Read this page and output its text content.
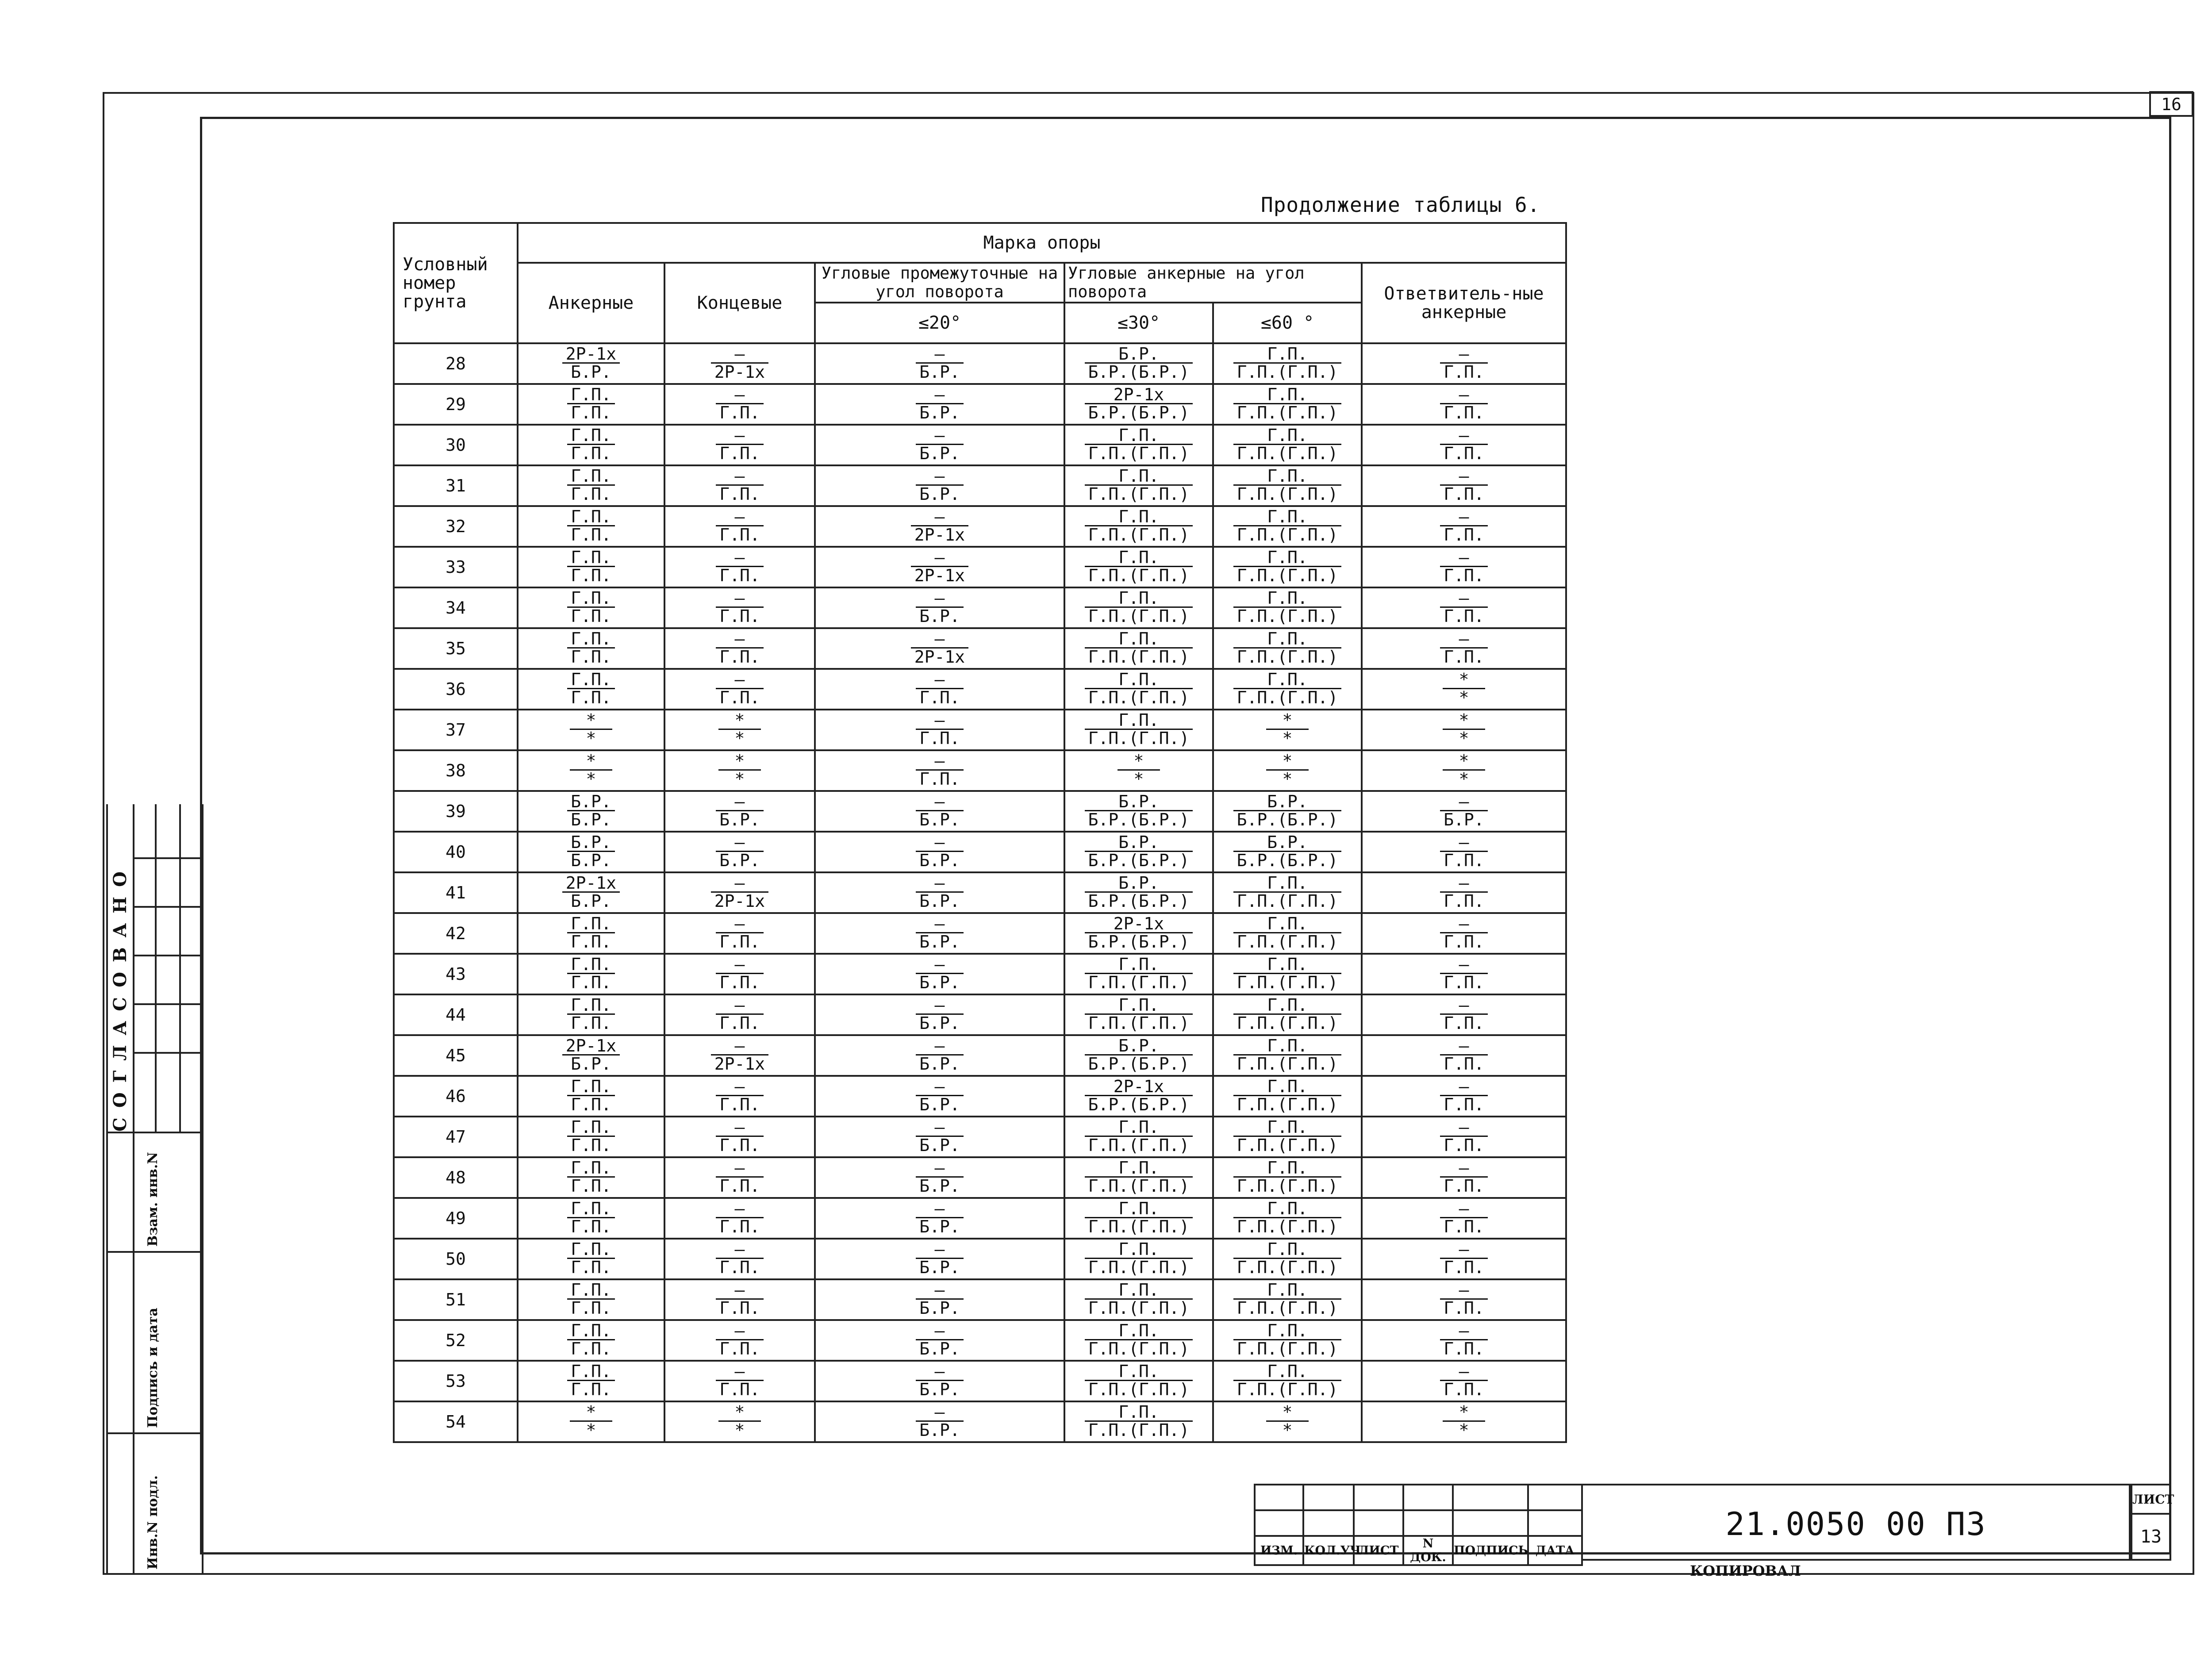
16
Продолжение таблицы 6.
Условный номер грунта	Марка опоры					
	Анкерные	Концевые	Угловые промежуточные на угол поворота	Угловые анкерные на угол поворота		Ответвитель-ные анкерные
			≤20°	≤30°	≤60 °	
28	$\frac{2P-1x}{Б.Р.}$	$\frac{-}{2P-1x}$	$\frac{-}{Б.Р.}$	$\frac{Б.Р.}{Б.Р.(Б.Р.)}$	$\frac{Г.П.}{Г.П.(Г.П.)}$	$\frac{-}{Г.П.}$

29	$\frac{Г.П.}{Г.П.}$	$\frac{-}{Г.П.}$	$\frac{-}{Б.Р.}$	$\frac{2P-1x}{Б.Р.(Б.Р.)}$	$\frac{Г.П.}{Г.П.(Г.П.)}$	$\frac{-}{Г.П.}$

30	$\frac{Г.П.}{Г.П.}$	$\frac{-}{Г.П.}$	$\frac{-}{Б.Р.}$	$\frac{Г.П.}{Г.П.(Г.П.)}$	$\frac{Г.П.}{Г.П.(Г.П.)}$	$\frac{-}{Г.П.}$

31	$\frac{Г.П.}{Г.П.}$	$\frac{-}{Г.П.}$	$\frac{-}{Б.Р.}$	$\frac{Г.П.}{Г.П.(Г.П.)}$	$\frac{Г.П.}{Г.П.(Г.П.)}$	$\frac{-}{Г.П.}$

32	$\frac{Г.П.}{Г.П.}$	$\frac{-}{Г.П.}$	$\frac{-}{2P-1x}$	$\frac{Г.П.}{Г.П.(Г.П.)}$	$\frac{Г.П.}{Г.П.(Г.П.)}$	$\frac{-}{Г.П.}$

33	$\frac{Г.П.}{Г.П.}$	$\frac{-}{Г.П.}$	$\frac{-}{2P-1x}$	$\frac{Г.П.}{Г.П.(Г.П.)}$	$\frac{Г.П.}{Г.П.(Г.П.)}$	$\frac{-}{Г.П.}$

34	$\frac{Г.П.}{Г.П.}$	$\frac{-}{Г.П.}$	$\frac{-}{Б.Р.}$	$\frac{Г.П.}{Г.П.(Г.П.)}$	$\frac{Г.П.}{Г.П.(Г.П.)}$	$\frac{-}{Г.П.}$

35	$\frac{Г.П.}{Г.П.}$	$\frac{-}{Г.П.}$	$\frac{-}{2P-1x}$	$\frac{Г.П.}{Г.П.(Г.П.)}$	$\frac{Г.П.}{Г.П.(Г.П.)}$	$\frac{-}{Г.П.}$

36	$\frac{Г.П.}{Г.П.}$	$\frac{-}{Г.П.}$	$\frac{-}{Г.П.}$	$\frac{Г.П.}{Г.П.(Г.П.)}$	$\frac{Г.П.}{Г.П.(Г.П.)}$	$\frac{*}{*}$

37	$\frac{*}{*}$	$\frac{*}{*}$	$\frac{-}{Г.П.}$	$\frac{Г.П.}{Г.П.(Г.П.)}$	$\frac{*}{*}$	$\frac{*}{*}$

38	$\frac{*}{*}$	$\frac{*}{*}$	$\frac{-}{Г.П.}$	$\frac{*}{*}$	$\frac{*}{*}$	$\frac{*}{*}$

39	$\frac{Б.Р.}{Б.Р.}$	$\frac{-}{Б.Р.}$	$\frac{-}{Б.Р.}$	$\frac{Б.Р.}{Б.Р.(Б.Р.)}$	$\frac{Б.Р.}{Б.Р.(Б.Р.)}$	$\frac{-}{Б.Р.}$

40	$\frac{Б.Р.}{Б.Р.}$	$\frac{-}{Б.Р.}$	$\frac{-}{Б.Р.}$	$\frac{Б.Р.}{Б.Р.(Б.Р.)}$	$\frac{Б.Р.}{Б.Р.(Б.Р.)}$	$\frac{-}{Г.П.}$

41	$\frac{2P-1x}{Б.Р.}$	$\frac{-}{2P-1x}$	$\frac{-}{Б.Р.}$	$\frac{Б.Р.}{Б.Р.(Б.Р.)}$	$\frac{Г.П.}{Г.П.(Г.П.)}$	$\frac{-}{Г.П.}$

42	$\frac{Г.П.}{Г.П.}$	$\frac{-}{Г.П.}$	$\frac{-}{Б.Р.}$	$\frac{2P-1x}{Б.Р.(Б.Р.)}$	$\frac{Г.П.}{Г.П.(Г.П.)}$	$\frac{-}{Г.П.}$

43	$\frac{Г.П.}{Г.П.}$	$\frac{-}{Г.П.}$	$\frac{-}{Б.Р.}$	$\frac{Г.П.}{Г.П.(Г.П.)}$	$\frac{Г.П.}{Г.П.(Г.П.)}$	$\frac{-}{Г.П.}$

44	$\frac{Г.П.}{Г.П.}$	$\frac{-}{Г.П.}$	$\frac{-}{Б.Р.}$	$\frac{Г.П.}{Г.П.(Г.П.)}$	$\frac{Г.П.}{Г.П.(Г.П.)}$	$\frac{-}{Г.П.}$

45	$\frac{2P-1x}{Б.Р.}$	$\frac{-}{2P-1x}$	$\frac{-}{Б.Р.}$	$\frac{Б.Р.}{Б.Р.(Б.Р.)}$	$\frac{Г.П.}{Г.П.(Г.П.)}$	$\frac{-}{Г.П.}$

46	$\frac{Г.П.}{Г.П.}$	$\frac{-}{Г.П.}$	$\frac{-}{Б.Р.}$	$\frac{2P-1x}{Б.Р.(Б.Р.)}$	$\frac{Г.П.}{Г.П.(Г.П.)}$	$\frac{-}{Г.П.}$

47	$\frac{Г.П.}{Г.П.}$	$\frac{-}{Г.П.}$	$\frac{-}{Б.Р.}$	$\frac{Г.П.}{Г.П.(Г.П.)}$	$\frac{Г.П.}{Г.П.(Г.П.)}$	$\frac{-}{Г.П.}$

48	$\frac{Г.П.}{Г.П.}$	$\frac{-}{Г.П.}$	$\frac{-}{Б.Р.}$	$\frac{Г.П.}{Г.П.(Г.П.)}$	$\frac{Г.П.}{Г.П.(Г.П.)}$	$\frac{-}{Г.П.}$

49	$\frac{Г.П.}{Г.П.}$	$\frac{-}{Г.П.}$	$\frac{-}{Б.Р.}$	$\frac{Г.П.}{Г.П.(Г.П.)}$	$\frac{Г.П.}{Г.П.(Г.П.)}$	$\frac{-}{Г.П.}$

50	$\frac{Г.П.}{Г.П.}$	$\frac{-}{Г.П.}$	$\frac{-}{Б.Р.}$	$\frac{Г.П.}{Г.П.(Г.П.)}$	$\frac{Г.П.}{Г.П.(Г.П.)}$	$\frac{-}{Г.П.}$

51	$\frac{Г.П.}{Г.П.}$	$\frac{-}{Г.П.}$	$\frac{-}{Б.Р.}$	$\frac{Г.П.}{Г.П.(Г.П.)}$	$\frac{Г.П.}{Г.П.(Г.П.)}$	$\frac{-}{Г.П.}$

52	$\frac{Г.П.}{Г.П.}$	$\frac{-}{Г.П.}$	$\frac{-}{Б.Р.}$	$\frac{Г.П.}{Г.П.(Г.П.)}$	$\frac{Г.П.}{Г.П.(Г.П.)}$	$\frac{-}{Г.П.}$

53	$\frac{Г.П.}{Г.П.}$	$\frac{-}{Г.П.}$	$\frac{-}{Б.Р.}$	$\frac{Г.П.}{Г.П.(Г.П.)}$	$\frac{Г.П.}{Г.П.(Г.П.)}$	$\frac{-}{Г.П.}$

54	$\frac{*}{*}$	$\frac{*}{*}$	$\frac{-}{Б.Р.}$	$\frac{Г.П.}{Г.П.(Г.П.)}$	$\frac{*}{*}$	$\frac{*}{*}$
СОГЛАСОВАНО
Взам. инв.N
Подпись и дата
Инв.N подл.

						ИЗМ.	КОЛ.УЧ	ЛИСТ	N ДОК.	ПОДПИСЬ	ДАТА
21.0050 00 ПЗ
ЛИСТ
13
КОПИРОВАЛ
